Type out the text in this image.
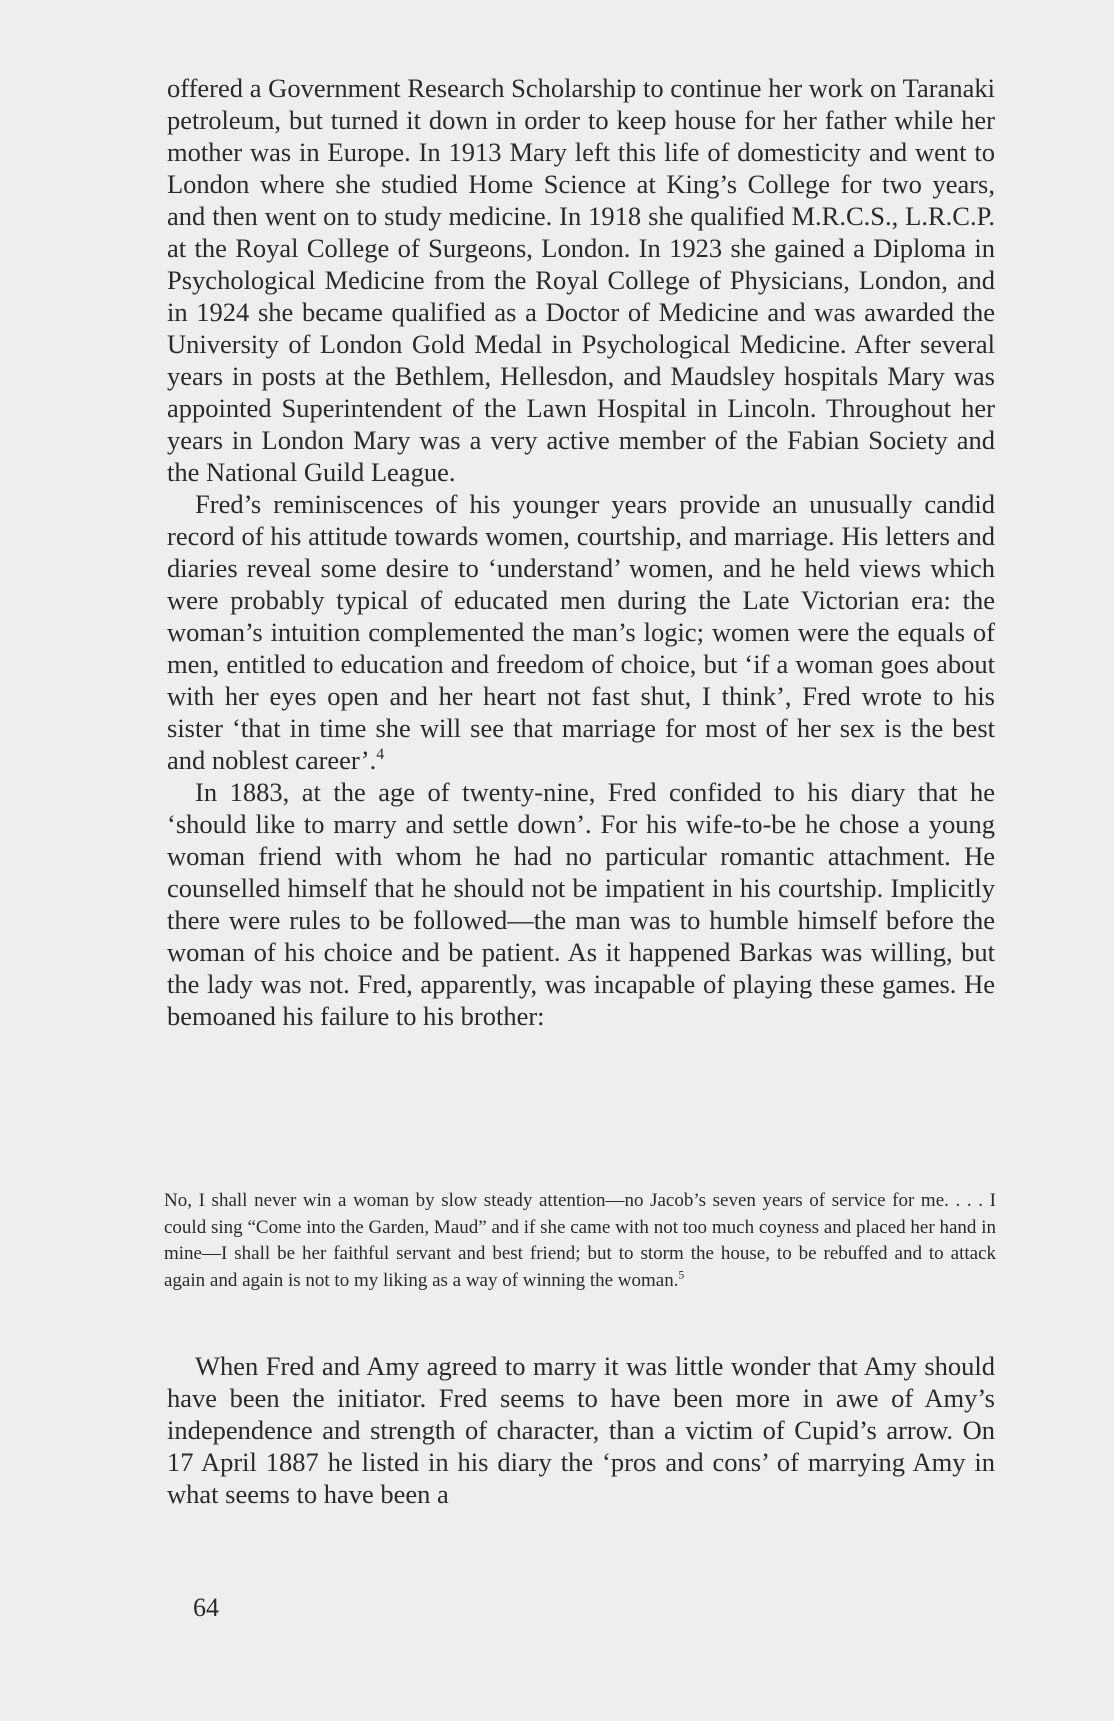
offered a Government Research Scholarship to continue her work on Taranaki petroleum, but turned it down in order to keep house for her father while her mother was in Europe. In 1913 Mary left this life of domesticity and went to London where she studied Home Science at King’s College for two years, and then went on to study medicine. In 1918 she qualified M.R.C.S., L.R.C.P. at the Royal College of Surgeons, London. In 1923 she gained a Diploma in Psychological Medicine from the Royal College of Physicians, London, and in 1924 she became qualified as a Doctor of Medicine and was awarded the University of London Gold Medal in Psychological Medicine. After several years in posts at the Bethlem, Hellesdon, and Maudsley hospitals Mary was appointed Superintendent of the Lawn Hospital in Lincoln. Throughout her years in London Mary was a very active member of the Fabian Society and the National Guild League.

Fred’s reminiscences of his younger years provide an unusually candid record of his attitude towards women, courtship, and marriage. His letters and diaries reveal some desire to ‘understand’ women, and he held views which were probably typical of educated men during the Late Victorian era: the woman’s intuition complemented the man’s logic; women were the equals of men, entitled to education and freedom of choice, but ‘if a woman goes about with her eyes open and her heart not fast shut, I think’, Fred wrote to his sister ‘that in time she will see that marriage for most of her sex is the best and noblest career’.$^4$

In 1883, at the age of twenty-nine, Fred confided to his diary that he ‘should like to marry and settle down’. For his wife-to-be he chose a young woman friend with whom he had no particular romantic attachment. He counselled himself that he should not be impatient in his courtship. Implicitly there were rules to be followed—the man was to humble himself before the woman of his choice and be patient. As it happened Barkas was willing, but the lady was not. Fred, apparently, was incapable of playing these games. He bemoaned his failure to his brother:

No, I shall never win a woman by slow steady attention—no Jacob’s seven years of service for me. . . . I could sing “Come into the Garden, Maud” and if she came with not too much coyness and placed her hand in mine—I shall be her faithful servant and best friend; but to storm the house, to be rebuffed and to attack again and again is not to my liking as a way of winning the woman.$^5$

When Fred and Amy agreed to marry it was little wonder that Amy should have been the initiator. Fred seems to have been more in awe of Amy’s independence and strength of character, than a victim of Cupid’s arrow. On 17 April 1887 he listed in his diary the ‘pros and cons’ of marrying Amy in what seems to have been a

64
